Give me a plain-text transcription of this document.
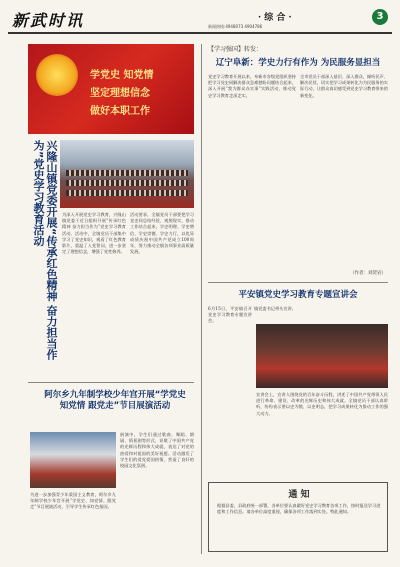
新武时讯	· 综 合 ·
新闻热线:4948073 4904786
3
学党史 知党情
坚定理想信念
做好本职工作
兴隆山镇党委开展“传承红色精神 奋力担当作为”党史学习教育活动	为深入开展党史学习教育，兴隆山镇党委于近日组织开展“传承红色精神 奋力担当作为”党史学习教育活动。活动中，全镇党员干部集中学习了党史知识，观看了红色教育影片，重温了入党誓词，进一步坚定了理想信念，增强了党性修养。
活动要求，全镇党员干部要把学习党史同总结经验、观照现实、推动工作结合起来，学史明理、学史增信、学史崇德、学史力行，以优异成绩庆祝中国共产党成立100周年，努力推动全镇各项事业高质量发展。
阿尔乡九年制学校少年宫开展“学党史 知党情 跟党走”节目展演活动
展演中，学生们通过歌曲、舞蹈、朗诵、情景剧等形式，讴歌了中国共产党的光辉历程和伟大成就，表达了对党的热爱和对祖国的美好祝愿。活动激发了学生们的爱党爱国热情，营造了良好的校园文化氛围。
为进一步加强青少年爱国主义教育，阿尔乡九年制学校少年宫开展“学党史、知党情、跟党走”节目展演活动，引导学生传承红色基因。
【学习强国】转发：
辽宁阜新：学史力行有作为 为民服务显担当
党史学习教育开展以来，阜新市各级党组织坚持把学习党史同解决群众急难愁盼问题结合起来，深入开展“我为群众办实事”实践活动，推动党史学习教育走深走实。
全市党员干部深入基层、深入群众，倾听民声、解决民忧，切实把学习成果转化为为民服务的实际行动，让群众真切感受到党史学习教育带来的新变化。
（作者：刘贺岩）
平安镇党史学习教育专题宣讲会
6月15日，平安镇召开党史学习教育专题宣讲会。
镇党委书记带头宣讲。
宣讲会上，宣讲人围绕党的百年奋斗历程，讲述了中国共产党带领人民进行革命、建设、改革的光辉历史和伟大成就。全镇党员干部认真聆听，纷纷表示要以史为镜、以史明志，把学习成果转化为推动工作的强大动力。
通 知
根据县委、县政府统一部署，各单位要认真做好党史学习教育各项工作，按时报送学习进度和工作信息。请各单位高度重视，确保各项工作落到实处。特此通知。
